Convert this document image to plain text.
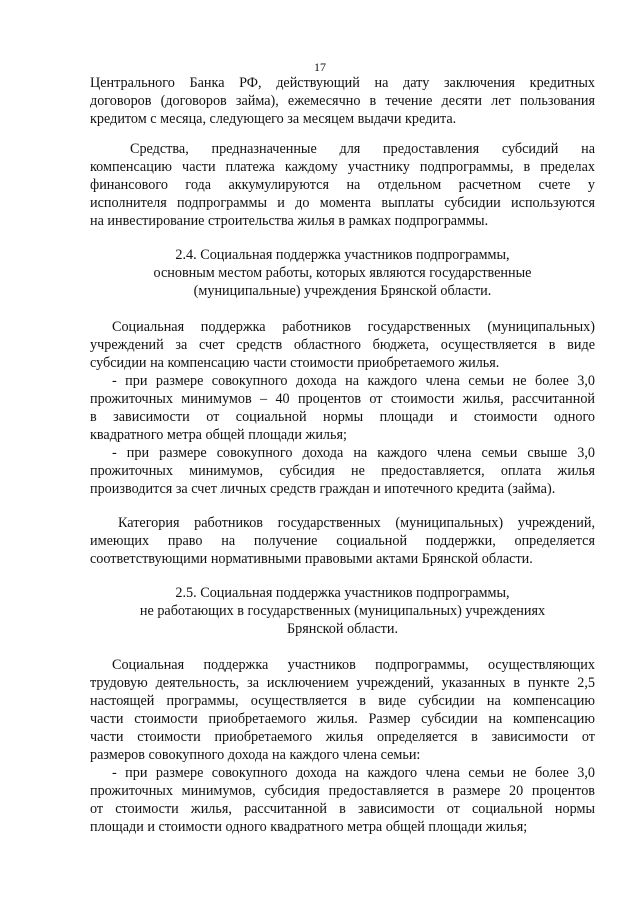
17
Центрального Банка РФ, действующий на дату заключения кредитных
договоров (договоров займа), ежемесячно в течение десяти лет пользования
кредитом с месяца, следующего за месяцем выдачи кредита.
Средства, предназначенные для предоставления субсидий на
компенсацию части платежа каждому участнику подпрограммы, в пределах
финансового года аккумулируются на отдельном расчетном счете у
исполнителя подпрограммы и до момента выплаты субсидии используются
на инвестирование строительства жилья в рамках подпрограммы.
2.4. Социальная поддержка участников подпрограммы,
основным местом работы, которых являются государственные
(муниципальные) учреждения Брянской области.
Социальная поддержка работников государственных (муниципальных)
учреждений за счет средств областного бюджета, осуществляется в виде
субсидии на компенсацию части стоимости приобретаемого жилья.
- при размере совокупного дохода на каждого члена семьи не более 3,0
прожиточных минимумов – 40 процентов от стоимости жилья, рассчитанной
в зависимости от социальной нормы площади и стоимости одного
квадратного метра общей площади жилья;
- при размере совокупного дохода на каждого члена семьи свыше 3,0
прожиточных минимумов, субсидия не предоставляется, оплата жилья
производится за счет личных средств граждан и ипотечного кредита (займа).
Категория работников государственных (муниципальных) учреждений,
имеющих право на получение социальной поддержки, определяется
соответствующими нормативными правовыми актами Брянской области.
2.5. Социальная поддержка участников подпрограммы,
не работающих в государственных (муниципальных) учреждениях
Брянской области.
Социальная поддержка участников подпрограммы, осуществляющих
трудовую деятельность, за исключением учреждений, указанных в пункте 2,5
настоящей программы, осуществляется в виде субсидии на компенсацию
части стоимости приобретаемого жилья. Размер субсидии на компенсацию
части стоимости приобретаемого жилья определяется в зависимости от
размеров совокупного дохода на каждого члена семьи:
- при размере совокупного дохода на каждого члена семьи не более 3,0
прожиточных минимумов, субсидия предоставляется в размере 20 процентов
от стоимости жилья, рассчитанной в зависимости от социальной нормы
площади и стоимости одного квадратного метра общей площади жилья;
